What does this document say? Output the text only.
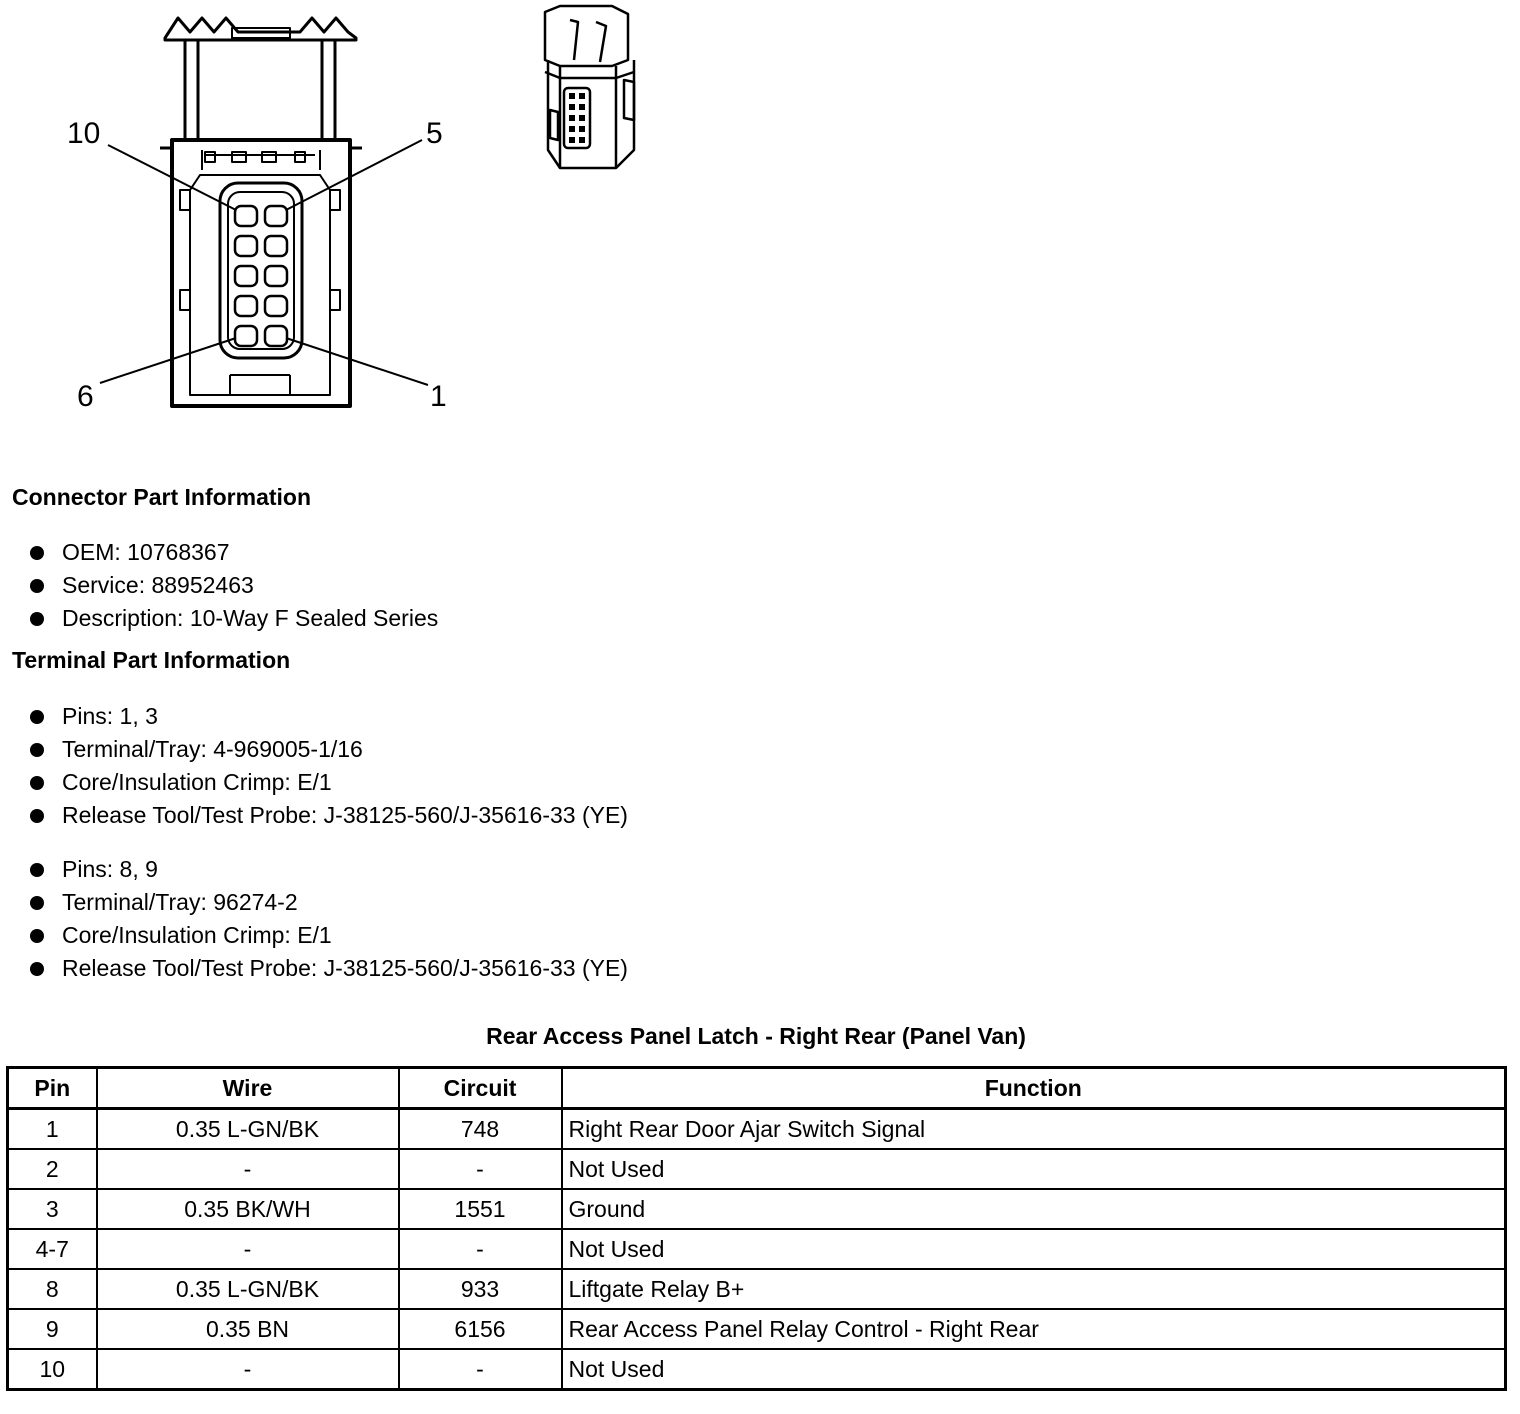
10	5
6	1
Connector Part Information
OEM: 10768367
Service: 88952463
Description: 10-Way F Sealed Series
Terminal Part Information
Pins: 1, 3
Terminal/Tray: 4-969005-1/16
Core/Insulation Crimp: E/1
Release Tool/Test Probe: J-38125-560/J-35616-33 (YE)
Pins: 8, 9
Terminal/Tray: 96274-2
Core/Insulation Crimp: E/1
Release Tool/Test Probe: J-38125-560/J-35616-33 (YE)
Rear Access Panel Latch - Right Rear (Panel Van)
Pin	Wire	Circuit	Function
1	0.35 L-GN/BK	748	Right Rear Door Ajar Switch Signal
2	-	-	Not Used
3	0.35 BK/WH	1551	Ground
4-7	-	-	Not Used
8	0.35 L-GN/BK	933	Liftgate Relay B+
9	0.35 BN	6156	Rear Access Panel Relay Control - Right Rear
10	-	-	Not Used
